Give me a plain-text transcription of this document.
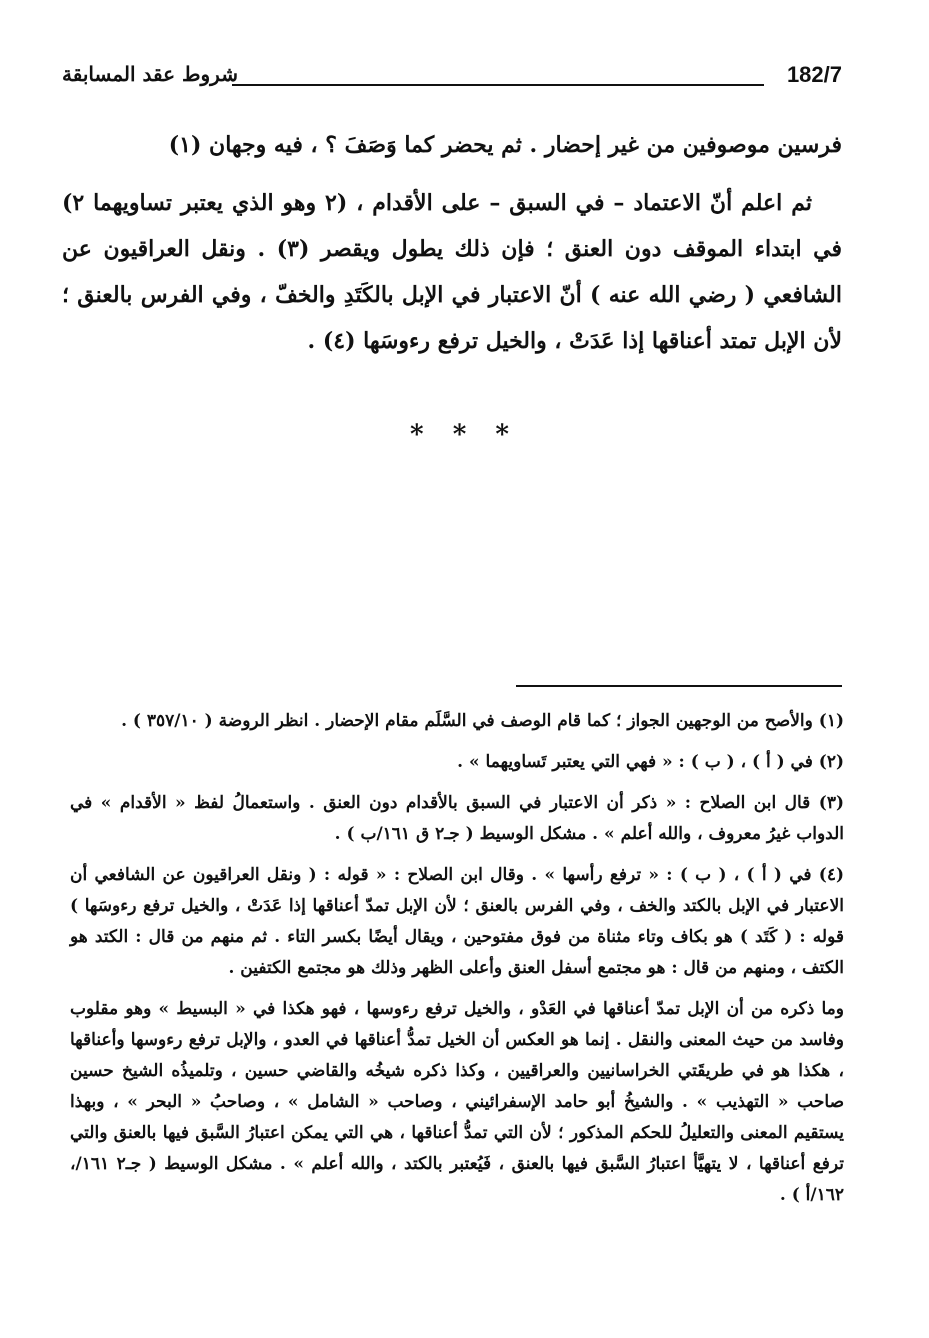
182/7
شروط عقد المسابقة

فرسين موصوفين من غير إحضار . ثم يحضر كما وَصَفَ ؟ ، فيه وجهان (١)

ثم اعلم أنّ الاعتماد – في السبق – على الأقدام ، (٢ وهو الذي يعتبر تساويهما ٢) في ابتداء الموقف دون العنق ؛ فإن ذلك يطول ويقصر (٣) . ونقل العراقيون عن الشافعي ( رضي الله عنه ) أنّ الاعتبار في الإبل بالكَتَدِ والخفّ ، وفي الفرس بالعنق ؛ لأن الإبل تمتد أعناقها إذا عَدَتْ ، والخيل ترفع رءوسَها (٤) .

* * *

(١) والأصح من الوجهين الجواز ؛ كما قام الوصف في السَّلَم مقام الإحضار . انظر الروضة ( ٣٥٧/١٠ ) .

(٢) في ( أ ) ، ( ب ) : « فهي التي يعتبر تَساويهما » .

(٣) قال ابن الصلاح : « ذكر أن الاعتبار في السبق بالأقدام دون العنق . واستعمالُ لفظ « الأقدام » في الدواب غيرُ معروف ، والله أعلم » . مشكل الوسيط ( جـ٢ ق ١٦١/ب ) .

(٤) في ( أ ) ، ( ب ) : « ترفع رأسها » . وقال ابن الصلاح : « قوله : ( ونقل العراقيون عن الشافعي أن الاعتبار في الإبل بالكتد والخف ، وفي الفرس بالعنق ؛ لأن الإبل تمدّ أعناقها إذا عَدَتْ ، والخيل ترفع رءوسَها ) قوله : ( كَتَد ) هو بكاف وتاء مثناة من فوق مفتوحين ، ويقال أيضًا بكسر التاء . ثم منهم من قال : الكتد هو الكتف ، ومنهم من قال : هو مجتمع أسفل العنق وأعلى الظهر وذلك هو مجتمع الكتفين .

وما ذكره من أن الإبل تمدّ أعناقها في العَدْو ، والخيل ترفع رءوسها ، فهو هكذا في « البسيط » وهو مقلوب وفاسد من حيث المعنى والنقل . إنما هو العكس أن الخيل تمدُّ أعناقها في العدو ، والإبل ترفع رءوسها وأعناقها ، هكذا هو في طريقَتي الخراسانيين والعراقيين ، وكذا ذكره شيخُه والقاضي حسين ، وتلميذُه الشيخ حسين صاحب « التهذيب » . والشيخُ أبو حامد الإسفرائيني ، وصاحب « الشامل » ، وصاحبُ « البحر » ، وبهذا يستقيم المعنى والتعليلُ للحكم المذكور ؛ لأن التي تمدُّ أعناقها ، هي التي يمكن اعتبارُ السَّبق فيها بالعنق والتي ترفع أعناقها ، لا يتهيَّأ اعتبارُ السَّبق فيها بالعنق ، فَيُعتبر بالكتد ، والله أعلم » . مشكل الوسيط ( جـ٢ ١٦١/، ١٦٢/أ ) .
